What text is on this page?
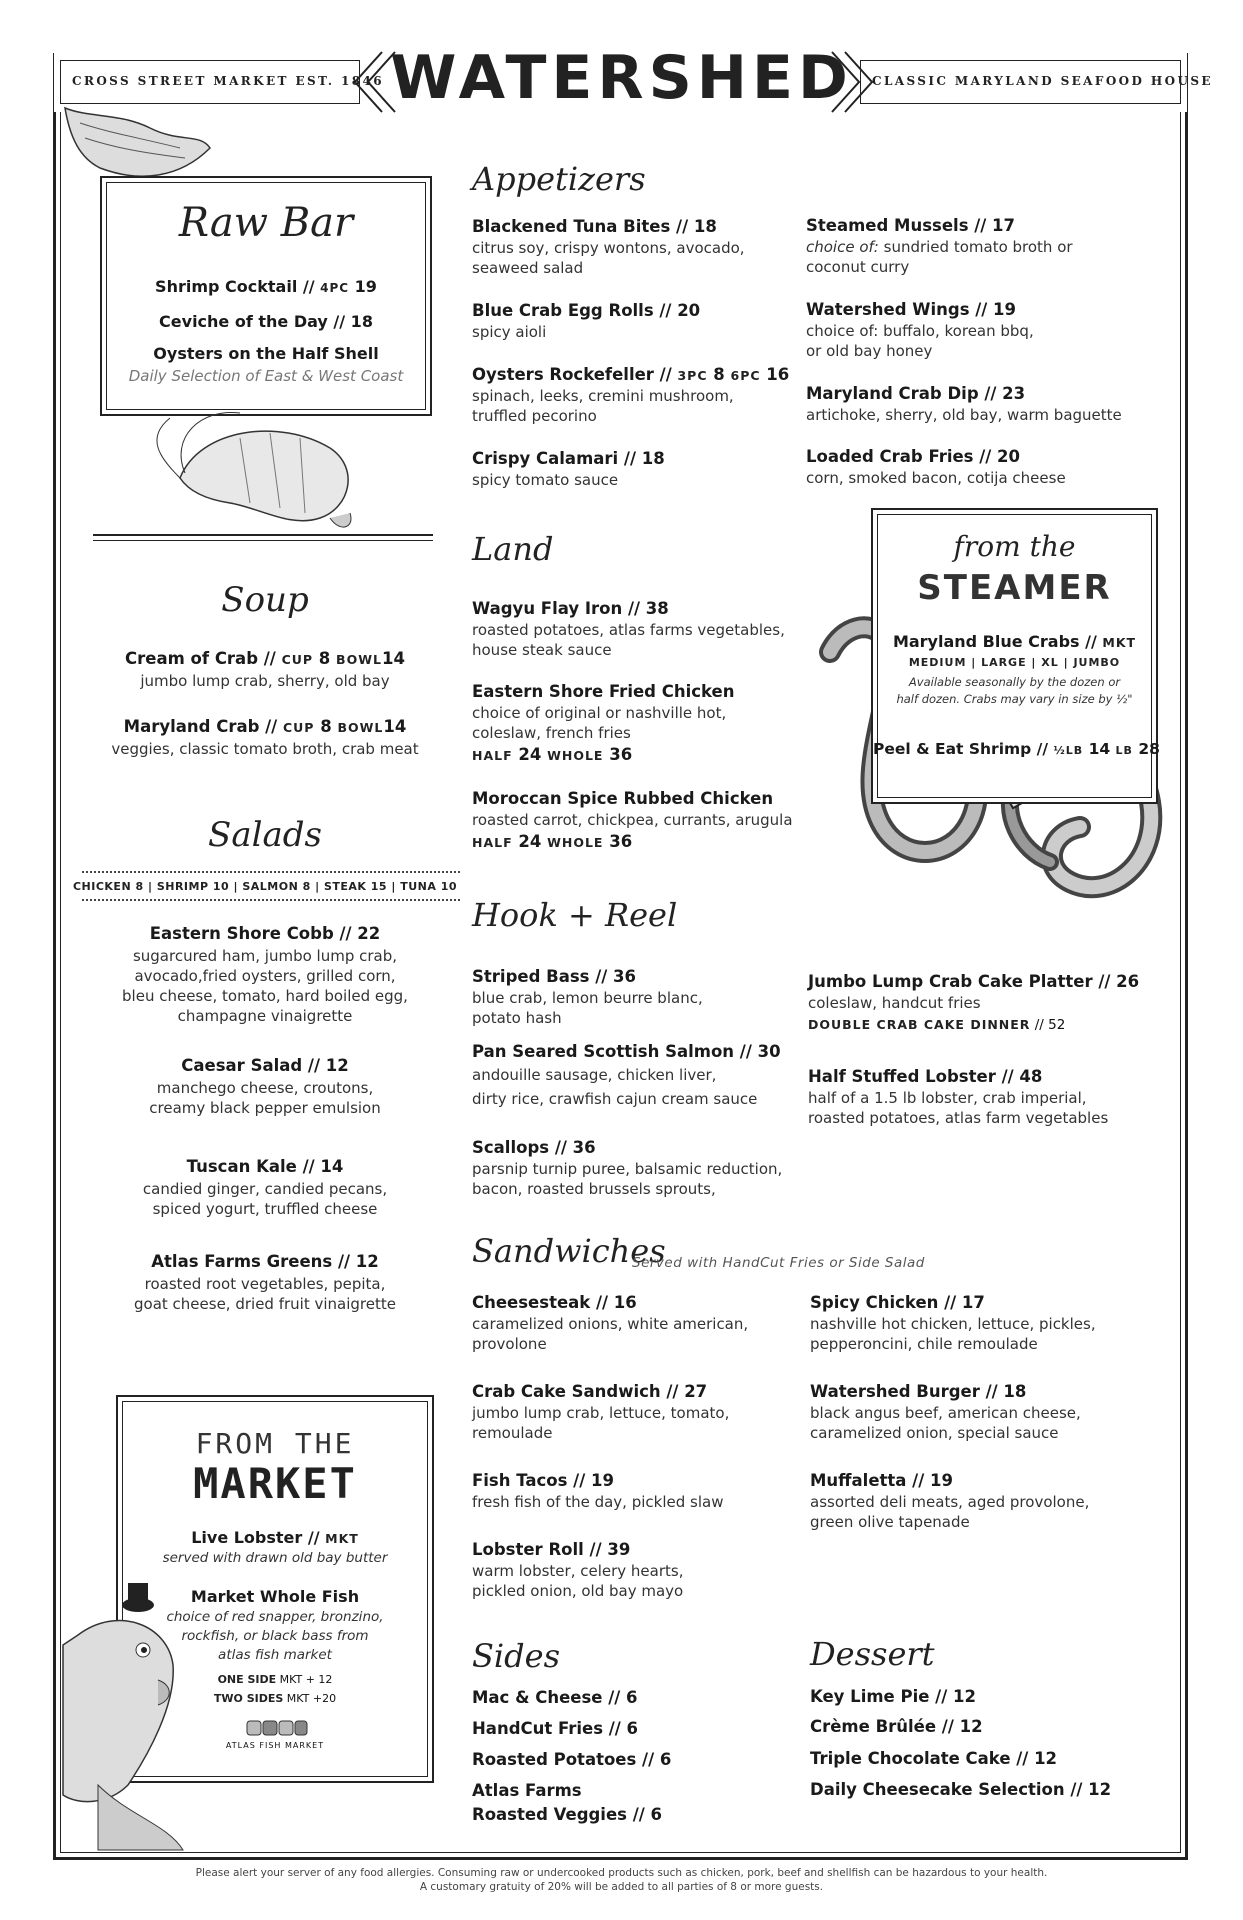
CROSS STREET MARKET EST. 1846	CLASSIC MARYLAND SEAFOOD HOUSE
WATERSHED
Raw Bar
Shrimp Cocktail // 4PC 19
Ceviche of the Day // 18
Oysters on the Half Shell
Daily Selection of East & West Coast
Soup
Cream of Crab // CUP 8 BOWL14
jumbo lump crab, sherry, old bay
Maryland Crab // CUP 8 BOWL14
veggies, classic tomato broth, crab meat
Salads
CHICKEN 8 | SHRIMP 10 | SALMON 8 | STEAK 15 | TUNA 10
Eastern Shore Cobb // 22
sugarcured ham, jumbo lump crab,
avocado,fried oysters, grilled corn,
bleu cheese, tomato, hard boiled egg,
champagne vinaigrette
Caesar Salad // 12
manchego cheese, croutons,
creamy black pepper emulsion
Tuscan Kale // 14
candied ginger, candied pecans,
spiced yogurt, truffled cheese
Atlas Farms Greens // 12
roasted root vegetables, pepita,
goat cheese, dried fruit vinaigrette
FROM THE
MARKET
Live Lobster // MKT
served with drawn old bay butter
Market Whole Fish
choice of red snapper, bronzino,
rockfish, or black bass from
atlas fish market
ONE SIDE MKT + 12
TWO SIDES MKT +20
ATLAS FISH MARKET
Appetizers
Blackened Tuna Bites // 18
citrus soy, crispy wontons, avocado,
seaweed salad
Blue Crab Egg Rolls // 20
spicy aioli
Oysters Rockefeller // 3PC 8 6PC 16
spinach, leeks, cremini mushroom,
truffled pecorino
Crispy Calamari // 18
spicy tomato sauce
Steamed Mussels // 17
choice of: sundried tomato broth or
coconut curry
Watershed Wings // 19
choice of: buffalo, korean bbq,
or old bay honey
Maryland Crab Dip // 23
artichoke, sherry, old bay, warm baguette
Loaded Crab Fries // 20
corn, smoked bacon, cotija cheese
Land
Wagyu Flay Iron // 38
roasted potatoes, atlas farms vegetables,
house steak sauce
Eastern Shore Fried Chicken
choice of original or nashville hot,
coleslaw, french fries
HALF 24 WHOLE 36
Moroccan Spice Rubbed Chicken
roasted carrot, chickpea, currants, arugula
HALF 24 WHOLE 36
from the
STEAMER
Maryland Blue Crabs // MKT
MEDIUM | LARGE | XL | JUMBO
Available seasonally by the dozen or
half dozen. Crabs may vary in size by ½"
Peel & Eat Shrimp // ½LB 14 LB 28
Hook + Reel
Striped Bass // 36
blue crab, lemon beurre blanc,
potato hash
Pan Seared Scottish Salmon // 30
andouille sausage, chicken liver,
dirty rice, crawfish cajun cream sauce
Scallops // 36
parsnip turnip puree, balsamic reduction,
bacon, roasted brussels sprouts,
Jumbo Lump Crab Cake Platter // 26
coleslaw, handcut fries
DOUBLE CRAB CAKE DINNER // 52
Half Stuffed Lobster // 48
half of a 1.5 lb lobster, crab imperial,
roasted potatoes, atlas farm vegetables
Sandwiches
Served with HandCut Fries or Side Salad
Cheesesteak // 16
caramelized onions, white american,
provolone
Crab Cake Sandwich // 27
jumbo lump crab, lettuce, tomato,
remoulade
Fish Tacos // 19
fresh fish of the day, pickled slaw
Lobster Roll // 39
warm lobster, celery hearts,
pickled onion, old bay mayo
Spicy Chicken // 17
nashville hot chicken, lettuce, pickles,
pepperoncini, chile remoulade
Watershed Burger // 18
black angus beef, american cheese,
caramelized onion, special sauce
Muffaletta // 19
assorted deli meats, aged provolone,
green olive tapenade
Sides
Mac & Cheese // 6
HandCut Fries // 6
Roasted Potatoes // 6
Atlas Farms
Roasted Veggies // 6
Dessert
Key Lime Pie // 12
Crème Brûlée // 12
Triple Chocolate Cake // 12
Daily Cheesecake Selection // 12
Please alert your server of any food allergies. Consuming raw or undercooked products such as chicken, pork, beef and shellfish can be hazardous to your health.
A customary gratuity of 20% will be added to all parties of 8 or more guests.
